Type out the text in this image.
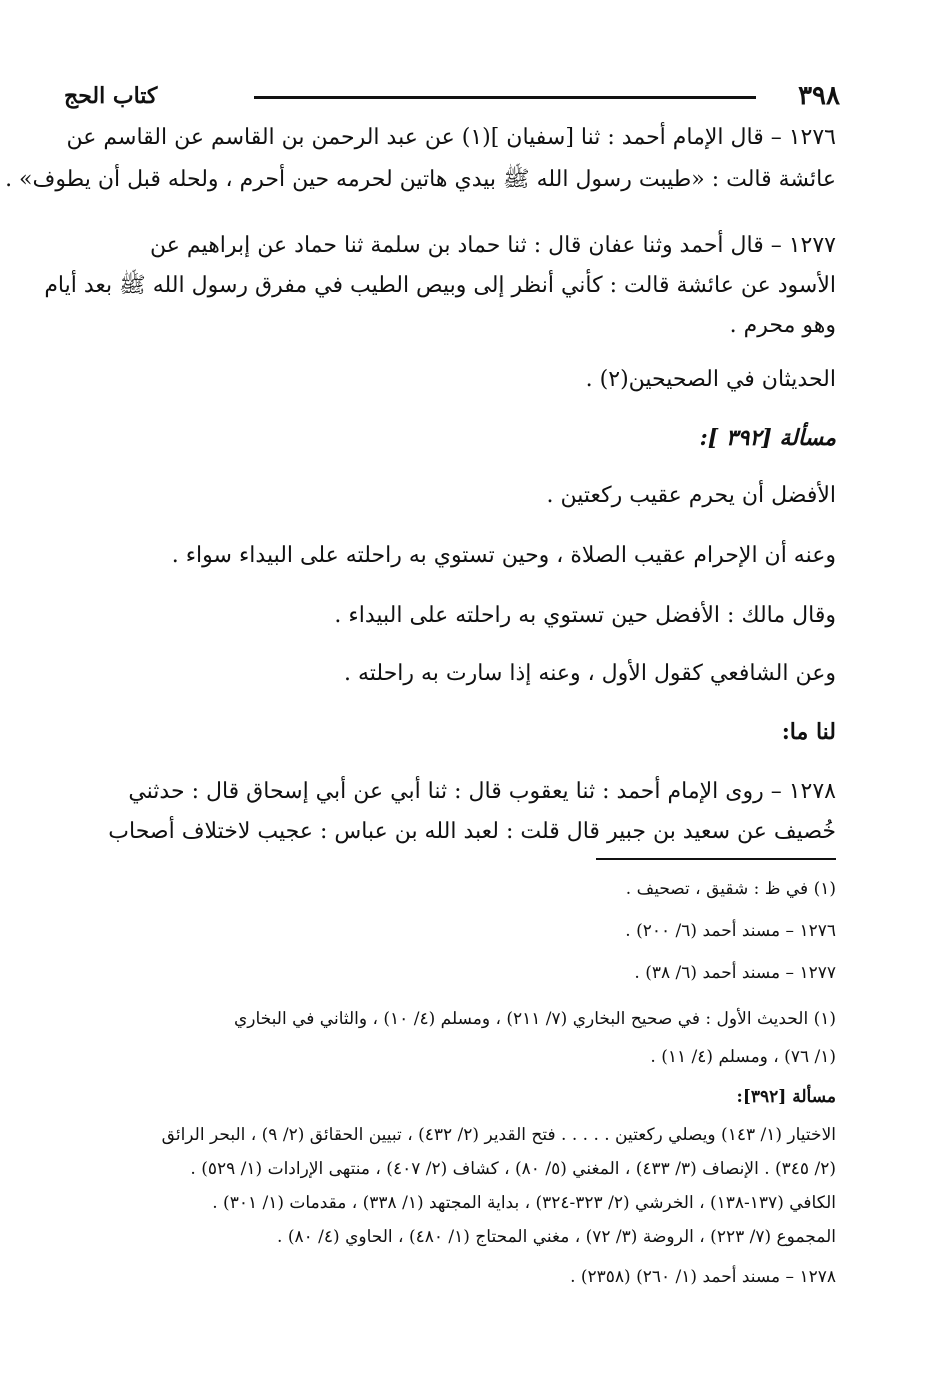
٣٩٨
كتاب الحج
١٢٧٦ – قال الإمام أحمد : ثنا [سفيان ](١) عن عبد الرحمن بن القاسم عن القاسم عن
عائشة قالت : «طيبت رسول الله ﷺ بيدي هاتين لحرمه حين أحرم ، ولحله قبل أن يطوف» .
١٢٧٧ – قال أحمد وثنا عفان قال : ثنا حماد بن سلمة ثنا حماد عن إبراهيم عن
الأسود عن عائشة قالت : كأني أنظر إلى وبيص الطيب في مفرق رسول الله ﷺ بعد أيام
وهو محرم .
الحديثان في الصحيحين(٢) .
مسألة [٣٩٢ ]:
الأفضل أن يحرم عقيب ركعتين .
وعنه أن الإحرام عقيب الصلاة ، وحين تستوي به راحلته على البيداء سواء .
وقال مالك : الأفضل حين تستوي به راحلته على البيداء .
وعن الشافعي كقول الأول ، وعنه إذا سارت به راحلته .
لنا ما:
١٢٧٨ – روى الإمام أحمد : ثنا يعقوب قال : ثنا أبي عن أبي إسحاق قال : حدثني
خُصيف عن سعيد بن جبير قال قلت : لعبد الله بن عباس : عجيب لاختلاف أصحاب
(١) في ظ : شقيق ، تصحيف .
١٢٧٦ – مسند أحمد (٦/ ٢٠٠) .
١٢٧٧ – مسند أحمد (٦/ ٣٨) .
(١) الحديث الأول : في صحيح البخاري (٧/ ٢١١) ، ومسلم (٤/ ١٠) ، والثاني في البخاري
(١/ ٧٦) ، ومسلم (٤/ ١١) .
مسألة [٣٩٢]:
الاختيار (١/ ١٤٣) ويصلي ركعتين . . . . . فتح القدير (٢/ ٤٣٢) ، تبيين الحقائق (٢/ ٩) ، البحر الرائق
(٢/ ٣٤٥) . الإنصاف (٣/ ٤٣٣) ، المغني (٥/ ٨٠) ، كشاف (٢/ ٤٠٧) ، منتهى الإرادات (١/ ٥٢٩) .
الكافي (١٣٧-١٣٨) ، الخرشي (٢/ ٣٢٣-٣٢٤) ، بداية المجتهد (١/ ٣٣٨) ، مقدمات (١/ ٣٠١) .
المجموع (٧/ ٢٢٣) ، الروضة (٣/ ٧٢) ، مغني المحتاج (١/ ٤٨٠) ، الحاوي (٤/ ٨٠) .
١٢٧٨ – مسند أحمد (١/ ٢٦٠) (٢٣٥٨) .
